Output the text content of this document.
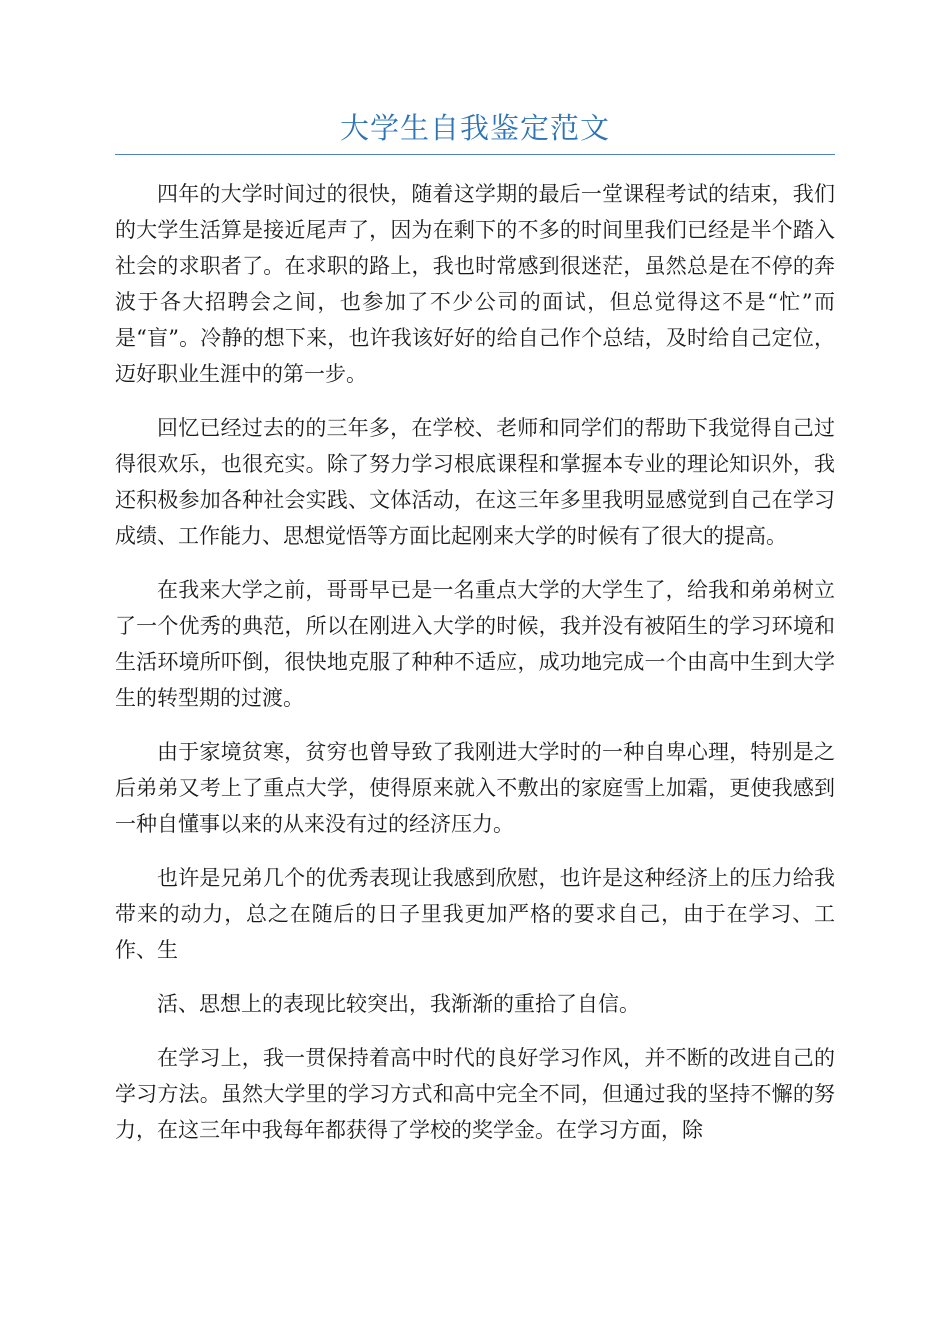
大学生自我鉴定范文

四年的大学时间过的很快，随着这学期的最后一堂课程考试的结束，我们的大学生活算是接近尾声了，因为在剩下的不多的时间里我们已经是半个踏入社会的求职者了。在求职的路上，我也时常感到很迷茫，虽然总是在不停的奔波于各大招聘会之间，也参加了不少公司的面试，但总觉得这不是“忙”而是“盲”。冷静的想下来，也许我该好好的给自己作个总结，及时给自己定位，迈好职业生涯中的第一步。

回忆已经过去的的三年多，在学校、老师和同学们的帮助下我觉得自己过得很欢乐，也很充实。除了努力学习根底课程和掌握本专业的理论知识外，我还积极参加各种社会实践、文体活动，在这三年多里我明显感觉到自己在学习成绩、工作能力、思想觉悟等方面比起刚来大学的时候有了很大的提高。

在我来大学之前，哥哥早已是一名重点大学的大学生了，给我和弟弟树立了一个优秀的典范，所以在刚进入大学的时候，我并没有被陌生的学习环境和生活环境所吓倒，很快地克服了种种不适应，成功地完成一个由高中生到大学生的转型期的过渡。

由于家境贫寒，贫穷也曾导致了我刚进大学时的一种自卑心理，特别是之后弟弟又考上了重点大学，使得原来就入不敷出的家庭雪上加霜，更使我感到一种自懂事以来的从来没有过的经济压力。

也许是兄弟几个的优秀表现让我感到欣慰，也许是这种经济上的压力给我带来的动力，总之在随后的日子里我更加严格的要求自己，由于在学习、工作、生

活、思想上的表现比较突出，我渐渐的重拾了自信。

在学习上，我一贯保持着高中时代的良好学习作风，并不断的改进自己的学习方法。虽然大学里的学习方式和高中完全不同，但通过我的坚持不懈的努力，在这三年中我每年都获得了学校的奖学金。在学习方面，除
